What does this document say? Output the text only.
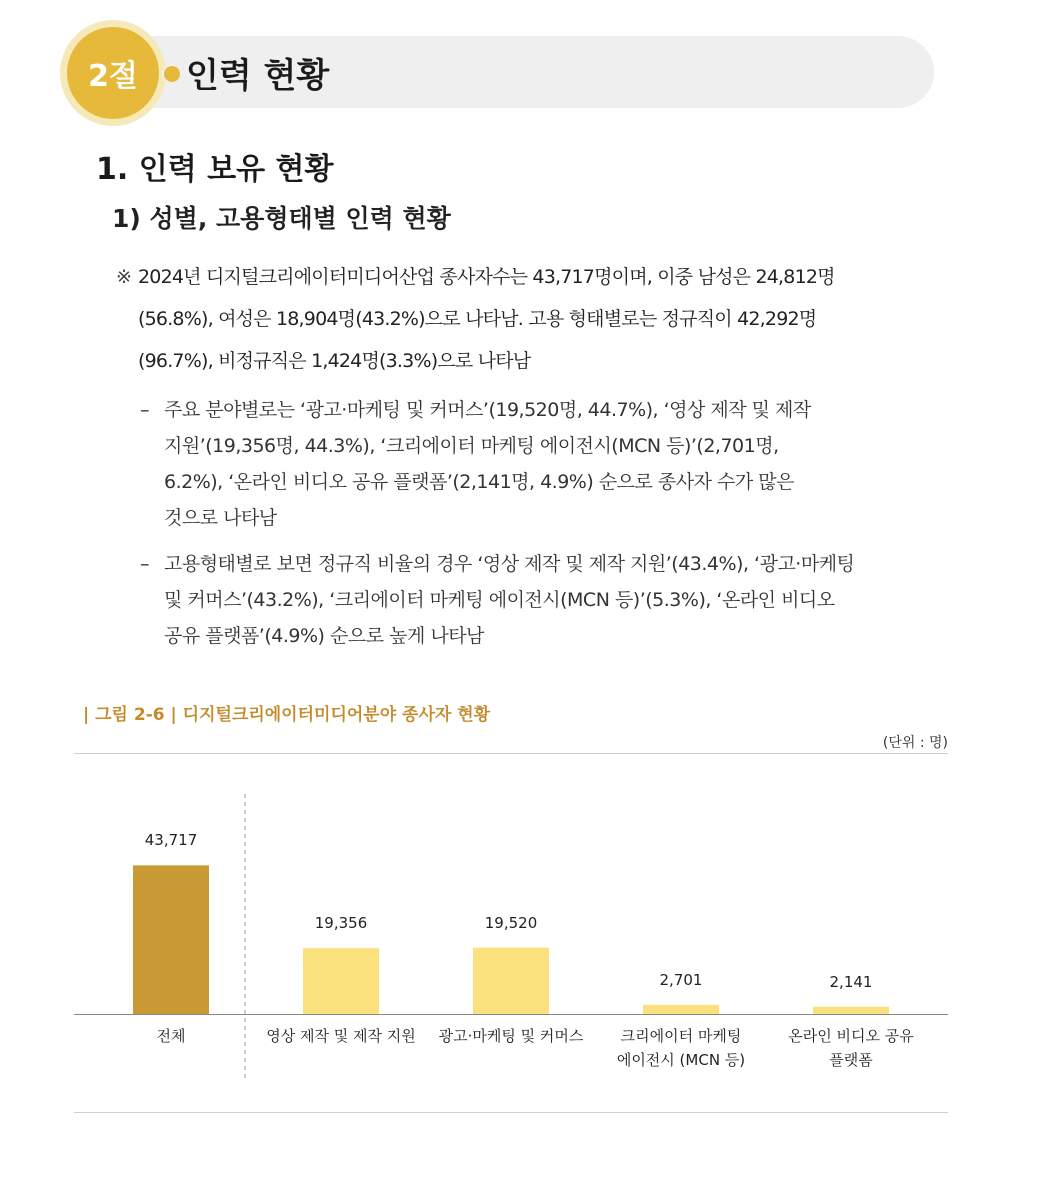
2절	인력 현황
1. 인력 보유 현황
1) 성별, 고용형태별 인력 현황
※ 2024년 디지털크리에이터미디어산업 종사자수는 43,717명이며, 이중 남성은 24,812명
(56.8%), 여성은 18,904명(43.2%)으로 나타남. 고용 형태별로는 정규직이 42,292명
(96.7%), 비정규직은 1,424명(3.3%)으로 나타남
– 주요 분야별로는 ‘광고·마케팅 및 커머스’(19,520명, 44.7%), ‘영상 제작 및 제작
지원’(19,356명, 44.3%), ‘크리에이터 마케팅 에이전시(MCN 등)’(2,701명,
6.2%), ‘온라인 비디오 공유 플랫폼’(2,141명, 4.9%) 순으로 종사자 수가 많은
것으로 나타남
– 고용형태별로 보면 정규직 비율의 경우 ‘영상 제작 및 제작 지원’(43.4%), ‘광고·마케팅
및 커머스’(43.2%), ‘크리에이터 마케팅 에이전시(MCN 등)’(5.3%), ‘온라인 비디오
공유 플랫폼’(4.9%) 순으로 높게 나타남
| 그림 2-6 | 디지털크리에이터미디어분야 종사자 현황
(단위 : 명)
43,717
전체
19,356
영상 제작 및 제작 지원
19,520
광고·마케팅 및 커머스
2,701
크리에이터 마케팅
에이전시 (MCN 등)
2,141
온라인 비디오 공유
플랫폼
